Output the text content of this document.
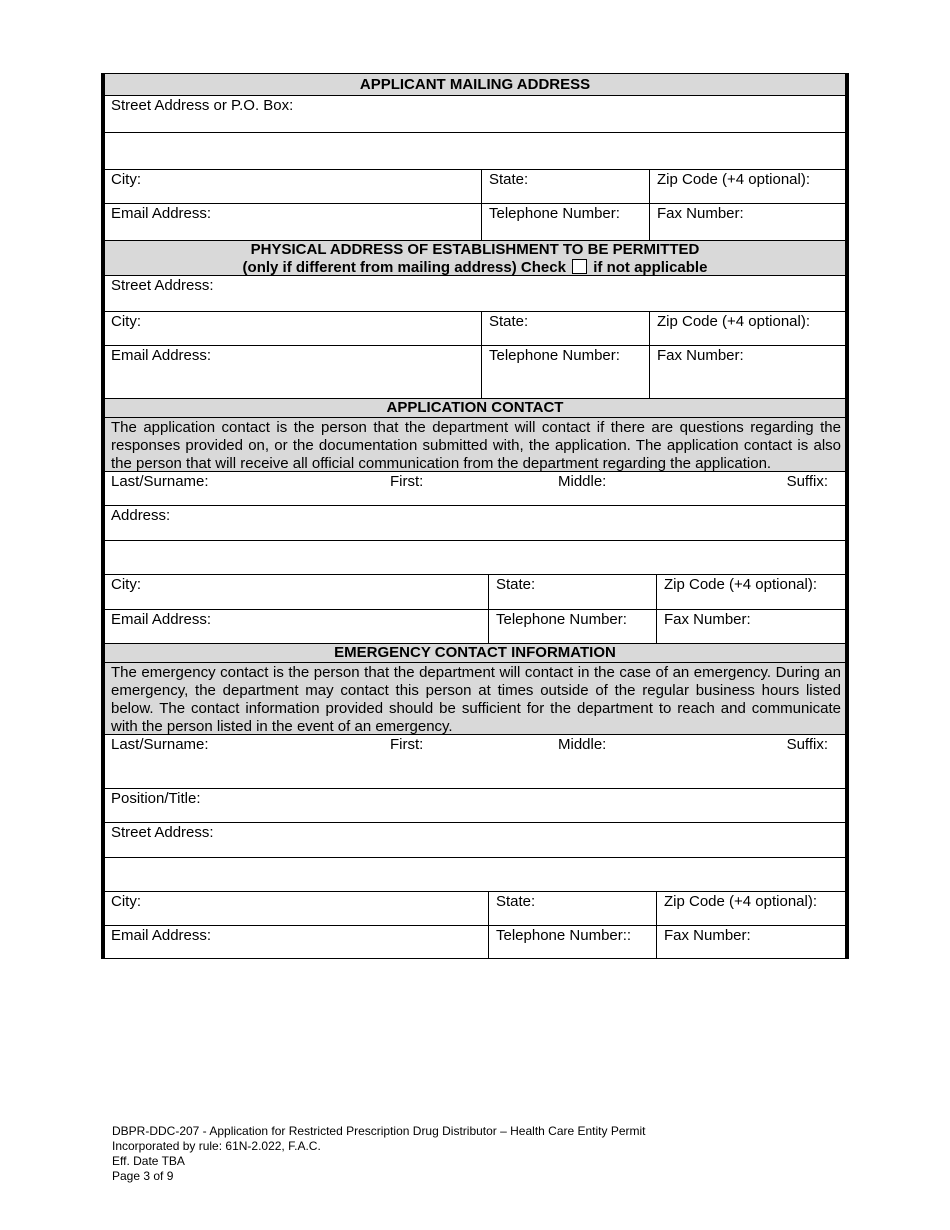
APPLICANT MAILING ADDRESS
Street Address or P.O. Box:
City:	State:	Zip Code (+4 optional):
Email Address:	Telephone Number: Fax Number:
PHYSICAL ADDRESS OF ESTABLISHMENT TO BE PERMITTED
(only if different from mailing address) Check if not applicable
Street Address:
City:	State:	Zip Code (+4 optional):
Email Address:	Telephone Number: Fax Number:
APPLICATION CONTACT
The application contact is the person that the department will contact if there are questions regarding the responses provided on, or the documentation submitted with, the application. The application contact is also the person that will receive all official communication from the department regarding the application.
Last/Surname:	First:	Middle:	Suffix:
Address:
City:	State:	Zip Code (+4 optional):
Email Address:	Telephone Number: Fax Number:
EMERGENCY CONTACT INFORMATION
The emergency contact is the person that the department will contact in the case of an emergency. During an emergency, the department may contact this person at times outside of the regular business hours listed below. The contact information provided should be sufficient for the department to reach and communicate with the person listed in the event of an emergency.
Last/Surname:	First:	Middle:	Suffix:
Position/Title:
Street Address:
City:	State:	Zip Code (+4 optional):
Email Address:	Telephone Number:: Fax Number:
DBPR-DDC-207 - Application for Restricted Prescription Drug Distributor – Health Care Entity Permit
Incorporated by rule: 61N-2.022, F.A.C.
Eff. Date TBA
Page 3 of 9
